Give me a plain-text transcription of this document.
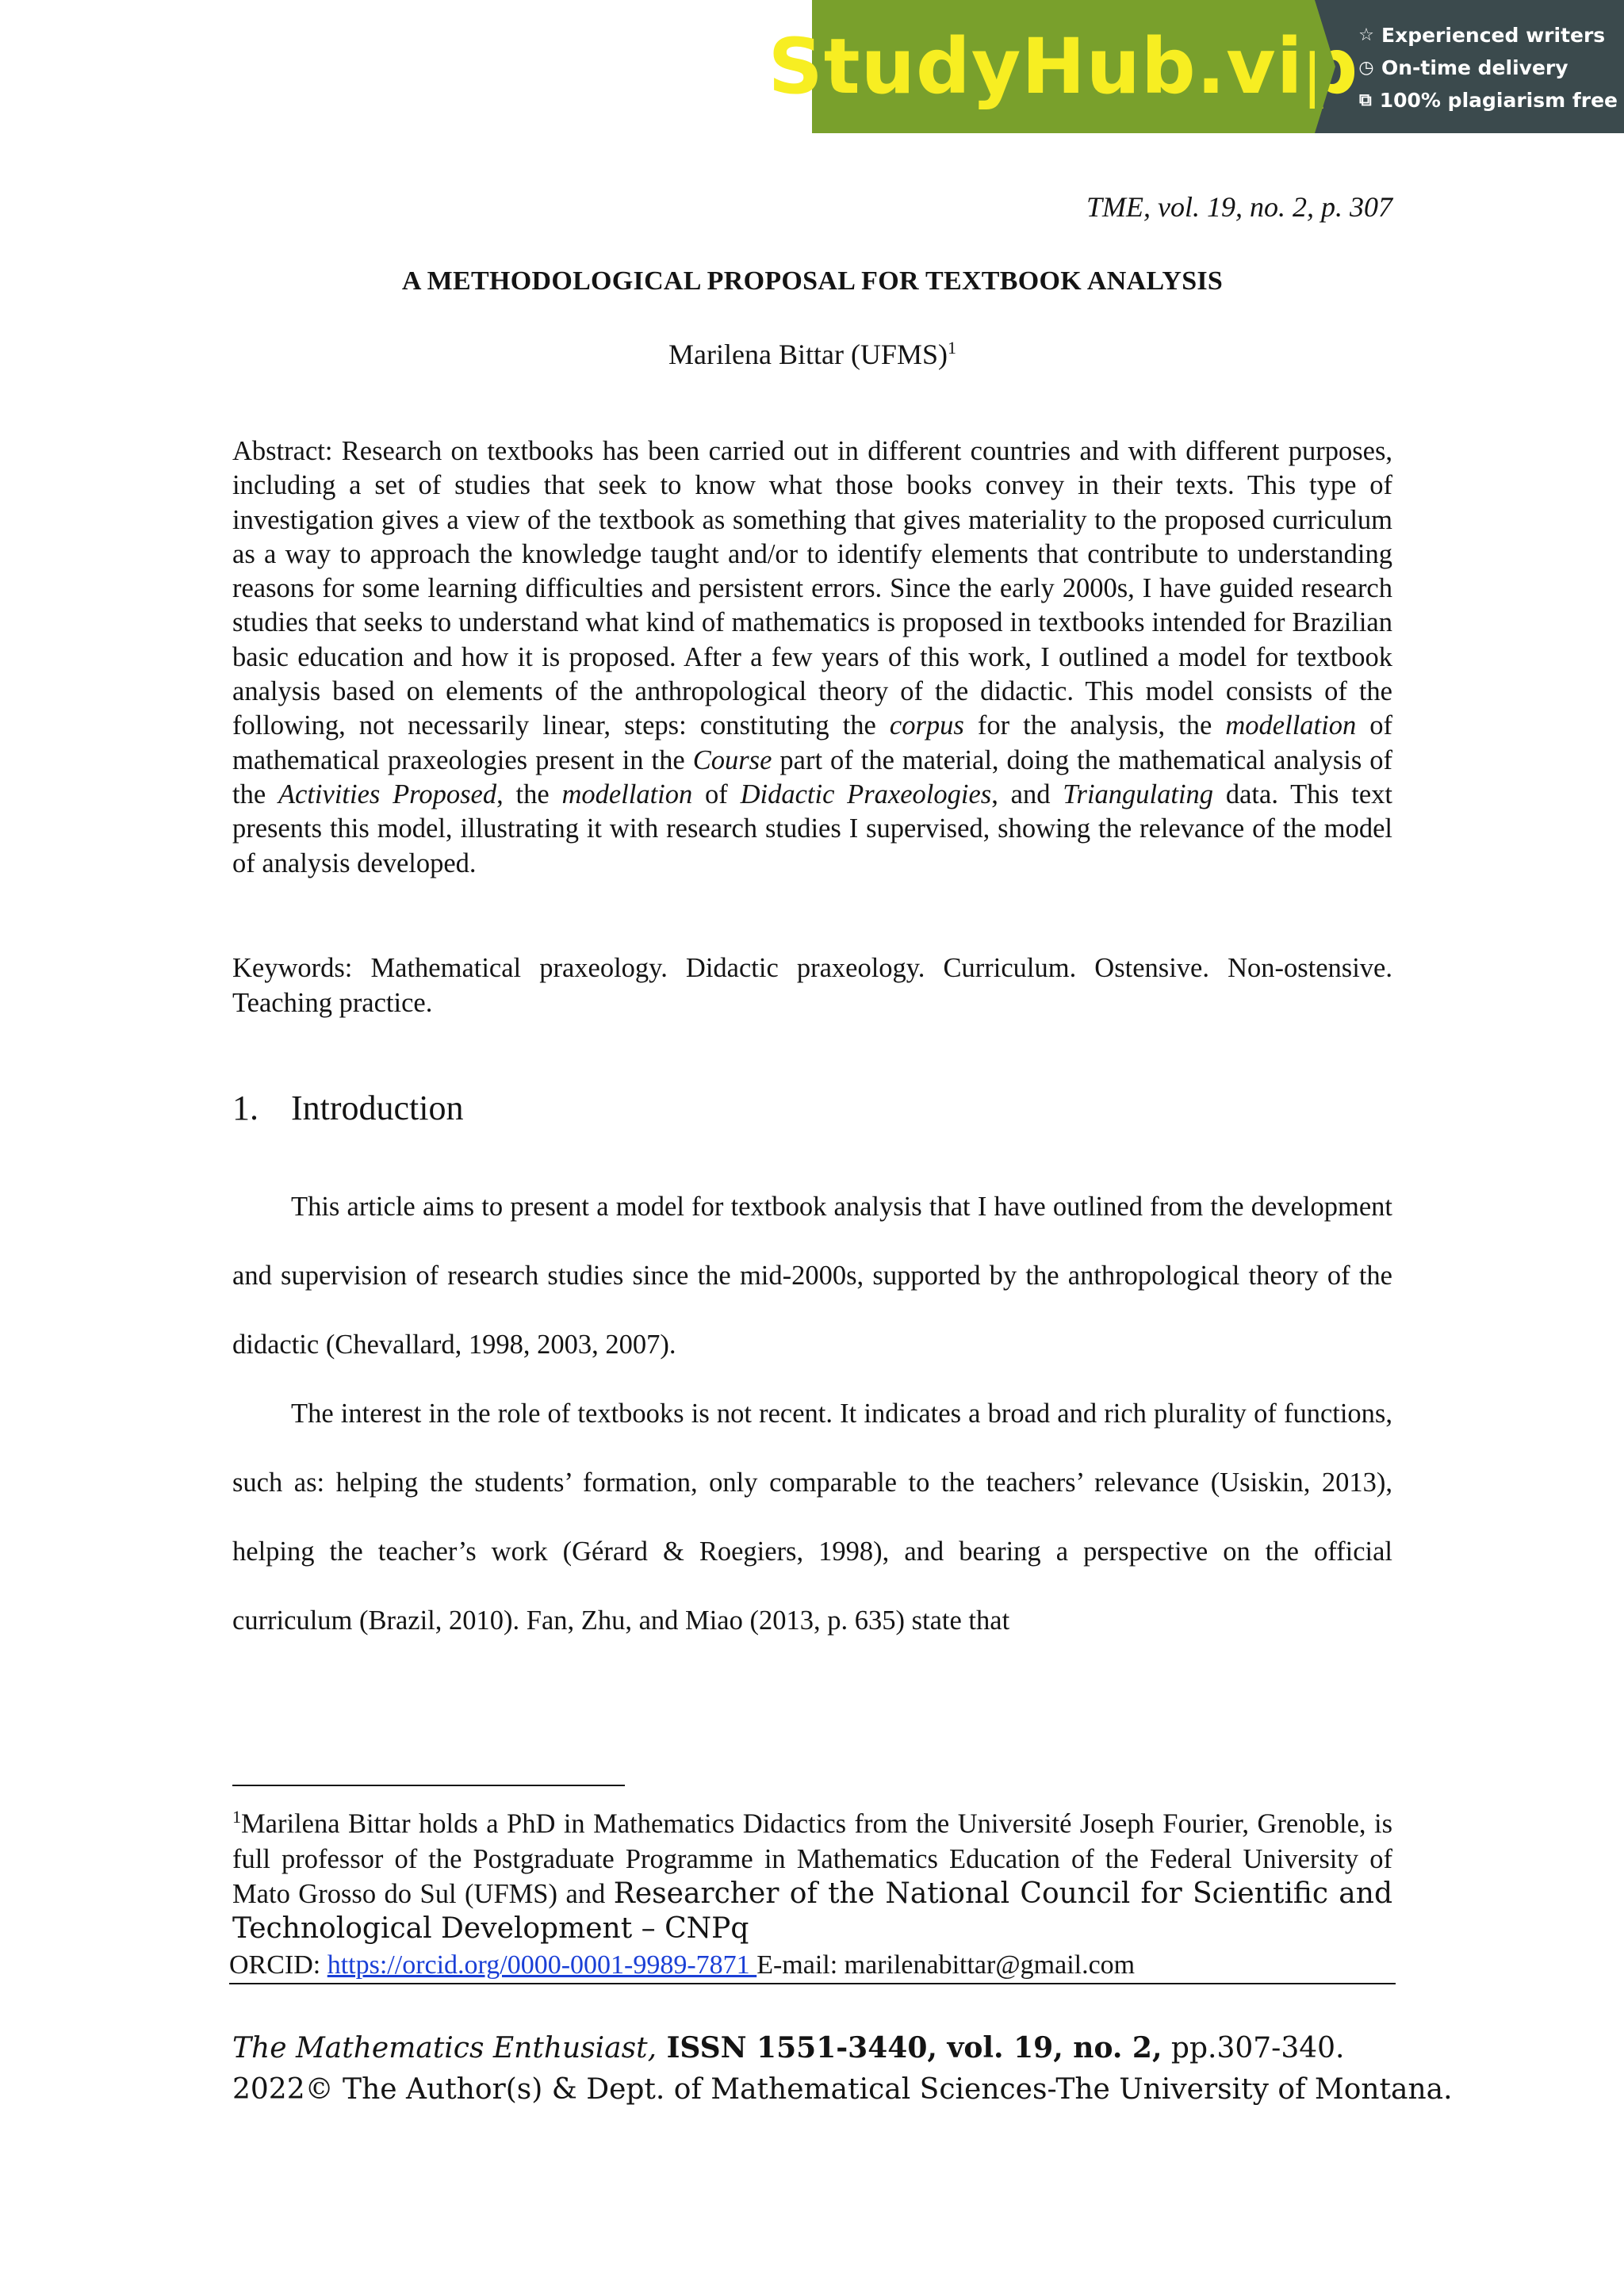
StudyHub.vip ☆ Experienced writers
◷ On-time delivery
⧉ 100% plagiarism free
TME, vol. 19, no. 2, p. 307
A METHODOLOGICAL PROPOSAL FOR TEXTBOOK ANALYSIS
Marilena Bittar (UFMS)$^1$

Abstract: Research on textbooks has been carried out in different countries and with different purposes, including a set of studies that seek to know what those books convey in their texts. This type of investigation gives a view of the textbook as something that gives materiality to the proposed curriculum as a way to approach the knowledge taught and/or to identify elements that contribute to understanding reasons for some learning difficulties and persistent errors. Since the early 2000s, I have guided research studies that seeks to understand what kind of mathematics is proposed in textbooks intended for Brazilian basic education and how it is proposed. After a few years of this work, I outlined a model for textbook analysis based on elements of the anthropological theory of the didactic. This model consists of the following, not necessarily linear, steps: constituting the corpus for the analysis, the modellation of mathematical praxeologies present in the Course part of the material, doing the mathematical analysis of the Activities Proposed, the modellation of Didactic Praxeologies, and Triangulating data. This text presents this model, illustrating it with research studies I supervised, showing the relevance of the model of analysis developed.

Keywords: Mathematical praxeology. Didactic praxeology. Curriculum. Ostensive. Non-ostensive. Teaching practice.

1. Introduction

This article aims to present a model for textbook analysis that I have outlined from the development and supervision of research studies since the mid-2000s, supported by the anthropological theory of the didactic (Chevallard, 1998, 2003, 2007).

The interest in the role of textbooks is not recent. It indicates a broad and rich plurality of functions, such as: helping the students’ formation, only comparable to the teachers’ relevance (Usiskin, 2013), helping the teacher’s work (Gérard & Roegiers, 1998), and bearing a perspective on the official curriculum (Brazil, 2010). Fan, Zhu, and Miao (2013, p. 635) state that

$^1$Marilena Bittar holds a PhD in Mathematics Didactics from the Université Joseph Fourier, Grenoble, is full professor of the Postgraduate Programme in Mathematics Education of the Federal University of Mato Grosso do Sul (UFMS) and Researcher of the National Council for Scientific and Technological Development – CNPq

ORCID: https://orcid.org/0000-0001-9989-7871 E-mail: marilenabittar@gmail.com

The Mathematics Enthusiast, ISSN 1551-3440, vol. 19, no. 2, pp.307-340.

2022© The Author(s) & Dept. of Mathematical Sciences-The University of Montana.
